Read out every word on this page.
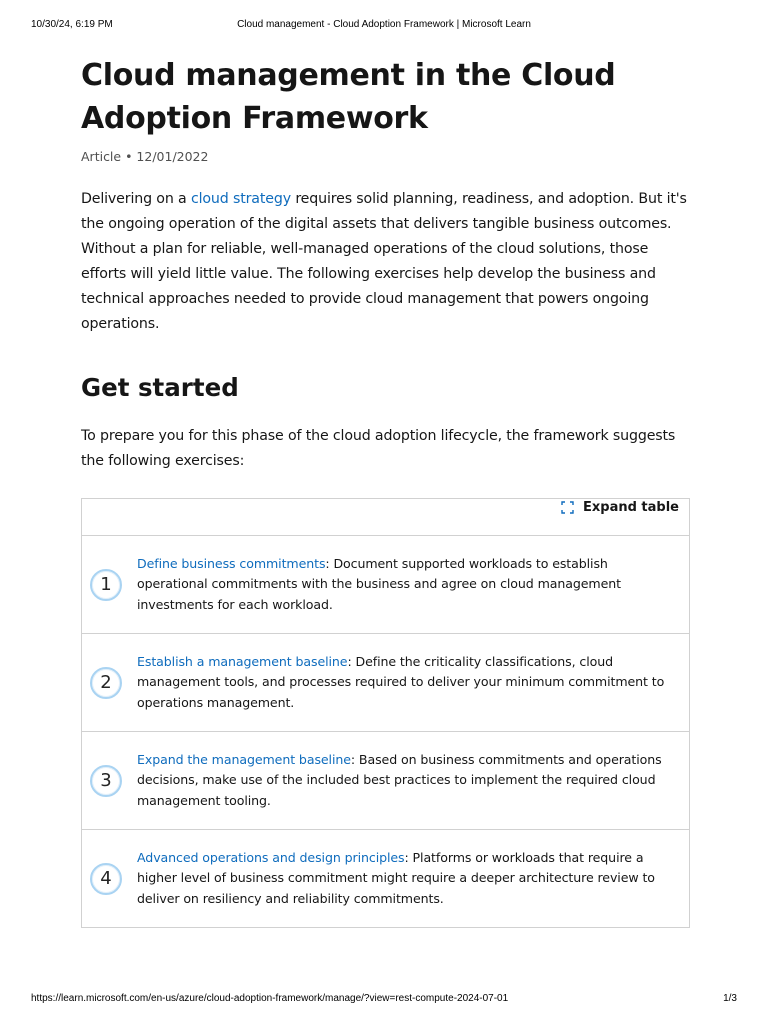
10/30/24, 6:19 PM	Cloud management - Cloud Adoption Framework | Microsoft Learn
Cloud management in the Cloud Adoption Framework
Article • 12/01/2022

Delivering on a cloud strategy requires solid planning, readiness, and adoption. But it's the ongoing operation of the digital assets that delivers tangible business outcomes. Without a plan for reliable, well-managed operations of the cloud solutions, those efforts will yield little value. The following exercises help develop the business and technical approaches needed to provide cloud management that powers ongoing operations.

Get started

To prepare you for this phase of the cloud adoption lifecycle, the framework suggests the following exercises:

Expand table

1
Define business commitments: Document supported workloads to establish operational commitments with the business and agree on cloud management investments for each workload.

2
Establish a management baseline: Define the criticality classifications, cloud management tools, and processes required to deliver your minimum commitment to operations management.

3
Expand the management baseline: Based on business commitments and operations decisions, make use of the included best practices to implement the required cloud management tooling.

4
Advanced operations and design principles: Platforms or workloads that require a higher level of business commitment might require a deeper architecture review to deliver on resiliency and reliability commitments.
https://learn.microsoft.com/en-us/azure/cloud-adoption-framework/manage/?view=rest-compute-2024-07-01	1/3
